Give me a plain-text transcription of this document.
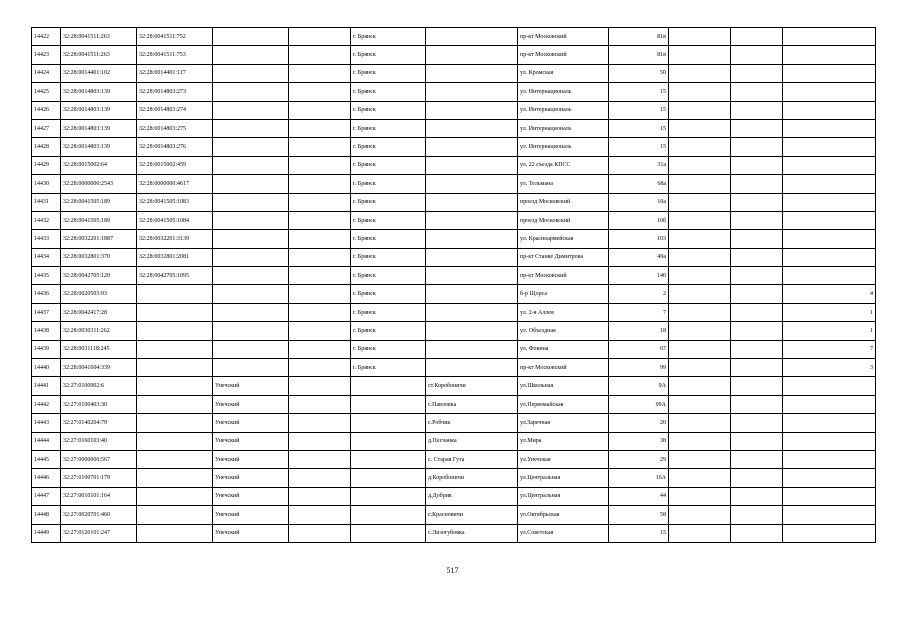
14422	32:28:0041511:263	32:28:0041511:752			г. Брянск		пр-кт Московский	81в			
14423	32:28:0041511:263	32:28:0041511:753			г. Брянск		пр-кт Московский	81в			
14424	32:28:0014401:102	32:28:0014401:117			г. Брянск		ул. Кромская	50			
14425	32:28:0014803:139	32:28:0014803:273			г. Брянск		ул. Интернациональ	15			
14426	32:28:0014803:139	32:28:0014803:274			г. Брянск		ул. Интернациональ	15			
14427	32:28:0014803:139	32:28:0014803:275			г. Брянск		ул. Интернациональ	15			
14428	32:28:0014803:139	32:28:0014803:276			г. Брянск		ул. Интернациональ	15			
14429	32:28:0015002:64	32:28:0015002:459			г. Брянск		ул. 22 съезда КПСС	31а			
14430	32:28:0000000:2543	32:28:0000000:4617			г. Брянск		ул. Тельмана	68а			
14431	32:28:0041505:189	32:28:0041505:1083			г. Брянск		проезд Московский	10а			
14432	32:28:0041505:189	32:28:0041505:1084			г. Брянск		проезд Московский	10б			
14433	32:28:0032201:1887	32:28:0032201:3139			г. Брянск		ул. Красноармейская	103			
14434	32:28:0032801:370	32:28:0032801:2081			г. Брянск		пр-кт Станке Димитрова	49а			
14435	32:28:0042705:120	32:28:0042705:1095			г. Брянск		пр-кт Московский	140			
14436	32:28:0020503:93				г. Брянск		б-р Щорса	2			4
14437	32:28:0042417:28				г. Брянск		ул. 2-я Аллея	7			1
14438	32:28:0030311:262				г. Брянск		ул. Объездная	18			1
14439	32:28:0031118:245				г. Брянск		ул. Фокина	67			7
14440	32:28:0041604:339				г. Брянск		пр-кт Московский	99			3
14441	32:27:0100902:6		Унечский			ст.Коробоничи	ул.Школьная	9А			
14442	32:27:0100403:30		Унечский			с.Павловка	ул.Первомайская	99А			
14443	32:27:0140204:79		Унечский			с.Робчик	ул.Заречная	20			
14444	32:27:0160103:40		Унечский			д.Песчанка	ул.Мира	38			
14445	32:27:0000000:567		Унечский			с. Старая Гута	ул.Унечская	29			
14446	32:27:0100701:179		Унечский			д.Коробоничи	ул.Центральная	16А			
14447	32:27:0010101:164		Унечский			д.Добрик	ул.Центральная	44			
14448	32:27:0020701:460		Унечский			с.Красновичи	ул.Октябрьская	58			
14449	32:27:0120101:247		Унечский			с.Лизогубовка	ул.Советская	15			
517
